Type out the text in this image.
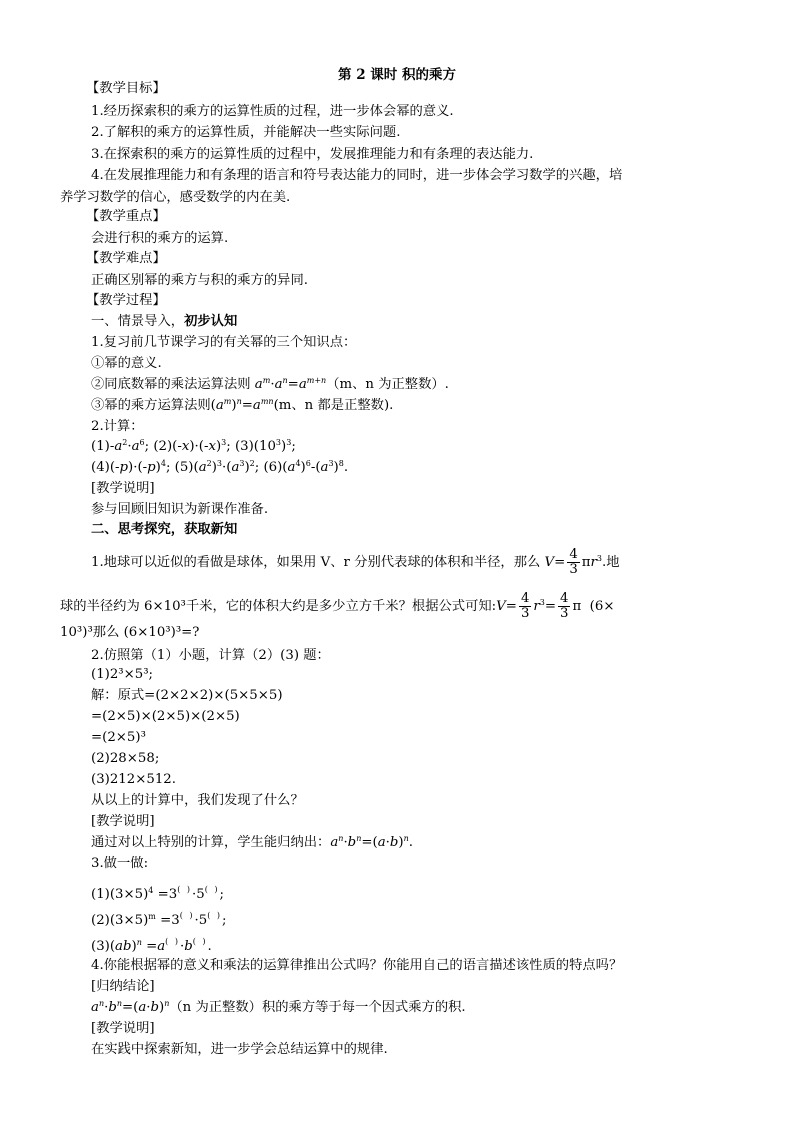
第 2 课时 积的乘方
【教学目标】
1.经历探索积的乘方的运算性质的过程，进一步体会幂的意义.
2.了解积的乘方的运算性质，并能解决一些实际问题.
3.在探索积的乘方的运算性质的过程中，发展推理能力和有条理的表达能力.
4.在发展推理能力和有条理的语言和符号表达能力的同时，进一步体会学习数学的兴趣，培
养学习数学的信心，感受数学的内在美.
【教学重点】
会进行积的乘方的运算.
【教学难点】
正确区别幂的乘方与积的乘方的异同.
【教学过程】
一、情景导入，初步认知
1.复习前几节课学习的有关幂的三个知识点：
①幂的意义.
②同底数幂的乘法运算法则 $a^m\cdot a^n=a^{m+n}(m$、n 为正整数）.
③幂的乘方运算法则$(a^m)^n=a^{mn}(m$、n 都是正整数).
2.计算：
$(1)-a^2\cdot a^6$; $(2)(-x)\cdot(-x)^3$; $(3)(10^3)^3$;
$(4)(-p)\cdot(-p)^4$; $(5)(a^2)^3\cdot(a^3)^2$; $(6)(a^4)^6-(a^3)^8$.
[教学说明]
参与回顾旧知识为新课作准备.
二、思考探究，获取新知
1.地球可以近似的看做是球体，如果用 V、r 分别代表球的体积和半径，那么 $V= \frac{4}{3} \pi r^3$.地
球的半径约为 6×10³千米，它的体积大约是多少立方千米？根据公式可知:V= $\frac{4}{3} r^3= \frac{4}{3}$ π  (6×
10³)³那么 (6×10³)³=?
2.仿照第（1）小题，计算（2）(3) 题：
(1)2³×5³;
解：原式=(2×2×2)×(5×5×5)
=(2×5)×(2×5)×(2×5)
=(2×5)³
(2)28×58;
(3)212×512.
从以上的计算中，我们发现了什么？
[教学说明]
通过对以上特别的计算，学生能归纳出：$a^n\cdot b^n=(a\cdot b)^n$.
3.做一做:
$(1)(3\times 5)^4 =3$( )·5( );
$(2)(3\times 5)^m =3$( )·5( );
(3)(ab)$^n$ =a( )·b( ).
4.你能根据幂的意义和乘法的运算律推出公式吗？你能用自己的语言描述该性质的特点吗？
[归纳结论]
$a^n\cdot b^n=(a\cdot b)^n(n$ 为正整数）积的乘方等于每一个因式乘方的积.
[教学说明]
在实践中探索新知，进一步学会总结运算中的规律.
